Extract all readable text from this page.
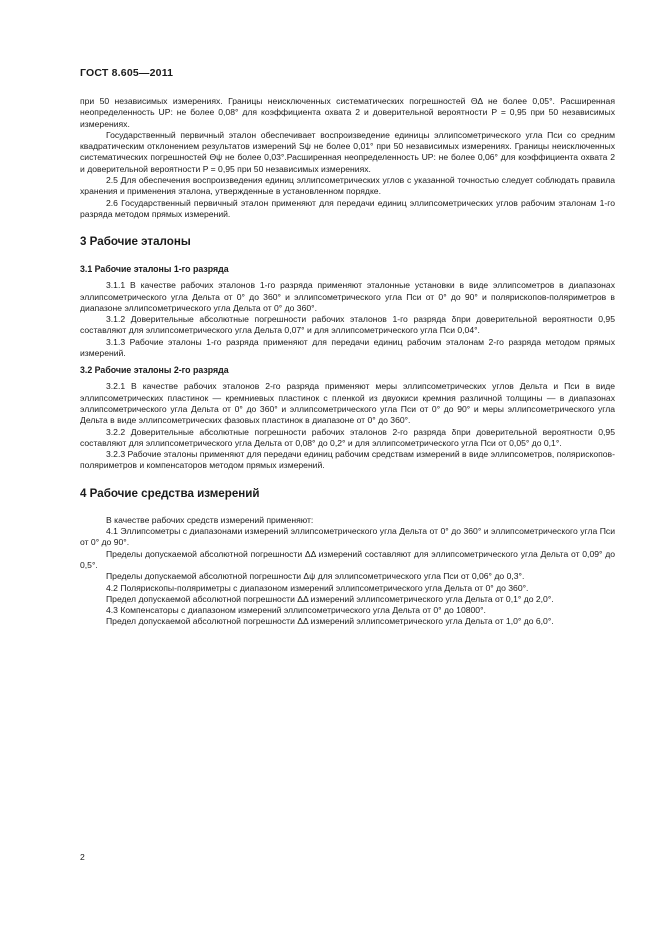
ГОСТ 8.605—2011

при 50 независимых измерениях. Границы неисключенных систематических погрешностей ΘΔ не более 0,05°. Расширенная неопределенность UP: не более 0,08° для коэффициента охвата 2 и доверительной вероятности P = 0,95 при 50 независимых измерениях.

Государственный первичный эталон обеспечивает воспроизведение единицы эллипсометрического угла Пси со средним квадратическим отклонением результатов измерений Sψ не более 0,01° при 50 независимых измерениях. Границы неисключенных систематических погрешностей Θψ не более 0,03°.Расширенная неопределенность UP: не более 0,06° для коэффициента охвата 2 и доверительной вероятности P = 0,95 при 50 независимых измерениях.

2.5 Для обеспечения воспроизведения единиц эллипсометрических углов с указанной точностью следует соблюдать правила хранения и применения эталона, утвержденные в установленном порядке.

2.6 Государственный первичный эталон применяют для передачи единиц эллипсометрических углов рабочим эталонам 1-го разряда методом прямых измерений.

3 Рабочие эталоны
3.1 Рабочие эталоны 1-го разряда

3.1.1 В качестве рабочих эталонов 1-го разряда применяют эталонные установки в виде эллипсометров в диапазонах эллипсометрического угла Дельта от 0° до 360° и эллипсометрического угла Пси от 0° до 90° и полярископов-поляриметров в диапазоне эллипсометрического угла Дельта от 0° до 360°.

3.1.2 Доверительные абсолютные погрешности рабочих эталонов 1-го разряда δпри доверительной вероятности 0,95 составляют для эллипсометрического угла Дельта 0,07° и для эллипсометрического угла Пси 0,04°.

3.1.3 Рабочие эталоны 1-го разряда применяют для передачи единиц рабочим эталонам 2-го разряда методом прямых измерений.

3.2 Рабочие эталоны 2-го разряда

3.2.1 В качестве рабочих эталонов 2-го разряда применяют меры эллипсометрических углов Дельта и Пси в виде эллипсометрических пластинок — кремниевых пластинок с пленкой из двуокиси кремния различной толщины — в диапазонах эллипсометрического угла Дельта от 0° до 360° и эллипсометрического угла Пси от 0° до 90° и меры эллипсометрического угла Дельта в виде эллипсометрических фазовых пластинок в диапазоне от 0° до 360°.

3.2.2 Доверительные абсолютные погрешности рабочих эталонов 2-го разряда δпри доверительной вероятности 0,95 составляют для эллипсометрического угла Дельта от 0,08° до 0,2° и для эллипсометрического угла Пси от 0,05° до 0,1°.

3.2.3 Рабочие эталоны применяют для передачи единиц рабочим средствам измерений в виде эллипсометров, полярископов-поляриметров и компенсаторов методом прямых измерений.

4 Рабочие средства измерений

В качестве рабочих средств измерений применяют:

4.1 Эллипсометры с диапазонами измерений эллипсометрического угла Дельта от 0° до 360° и эллипсометрического угла Пси от 0° до 90°.

Пределы допускаемой абсолютной погрешности ΔΔ измерений составляют для эллипсометрического угла Дельта от 0,09° до 0,5°.

Пределы допускаемой абсолютной погрешности Δψ для эллипсометрического угла Пси от 0,06° до 0,3°.

4.2 Полярископы-поляриметры с диапазоном измерений эллипсометрического угла Дельта от 0° до 360°.

Предел допускаемой абсолютной погрешности ΔΔ измерений эллипсометрического угла Дельта от 0,1° до 2,0°.

4.3 Компенсаторы с диапазоном измерений эллипсометрического угла Дельта от 0° до 10800°.

Предел допускаемой абсолютной погрешности ΔΔ измерений эллипсометрического угла Дельта от 1,0° до 6,0°.

2
